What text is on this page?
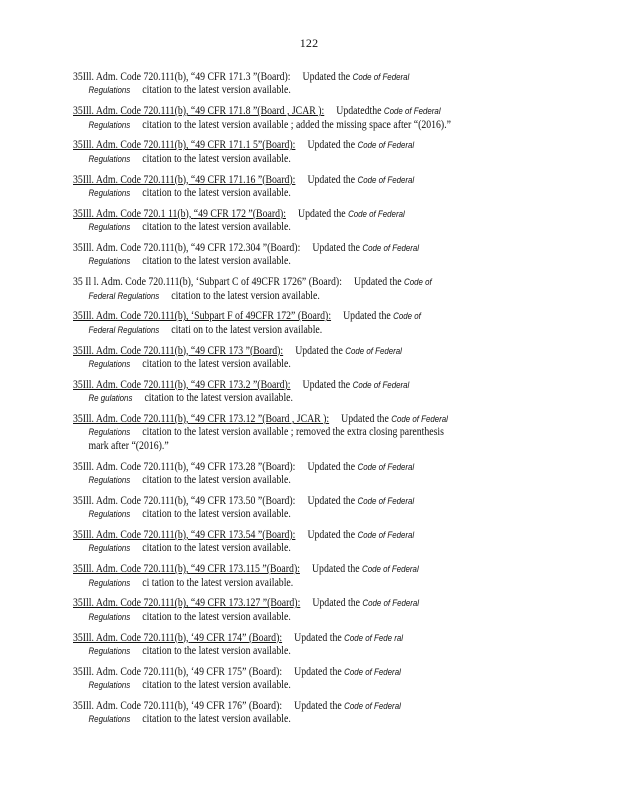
122
35Ill. Adm. Code 720.111(b), “49 CFR 171.3 ”(Board): Updated the Code of Federal
Regulations citation to the latest version available.
35Ill. Adm. Code 720.111(b), “49 CFR 171.8 ”(Board , JCAR ): Updatedthe Code of Federal
Regulations citation to the latest version available ; added the missing space after “(2016).”
35Ill. Adm. Code 720.111(b), “49 CFR 171.1 5”(Board): Updated the Code of Federal
Regulations citation to the latest version available.
35Ill. Adm. Code 720.111(b), “49 CFR 171.16 ”(Board): Updated the Code of Federal
Regulations citation to the latest version available.
35Ill. Adm. Code 720.1 11(b), “49 CFR 172 ”(Board): Updated the Code of Federal
Regulations citation to the latest version available.
35Ill. Adm. Code 720.111(b), “49 CFR 172.304 ”(Board): Updated the Code of Federal
Regulations citation to the latest version available.
35 Il l. Adm. Code 720.111(b), ‘Subpart C of 49CFR 1726” (Board): Updated the Code of
Federal Regulations citation to the latest version available.
35Ill. Adm. Code 720.111(b), ‘Subpart F of 49CFR 172” (Board): Updated the Code of
Federal Regulations citati on to the latest version available.
35Ill. Adm. Code 720.111(b), “49 CFR 173 ”(Board): Updated the Code of Federal
Regulations citation to the latest version available.
35Ill. Adm. Code 720.111(b), “49 CFR 173.2 ”(Board): Updated the Code of Federal
Re gulations citation to the latest version available.
35Ill. Adm. Code 720.111(b), “49 CFR 173.12 ”(Board , JCAR ): Updated the Code of Federal
Regulations citation to the latest version available ; removed the extra closing parenthesis
mark after “(2016).”
35Ill. Adm. Code 720.111(b), “49 CFR 173.28 ”(Board): Updated the Code of Federal
Regulations citation to the latest version available.
35Ill. Adm. Code 720.111(b), “49 CFR 173.50 ”(Board): Updated the Code of Federal
Regulations citation to the latest version available.
35Ill. Adm. Code 720.111(b), “49 CFR 173.54 ”(Board): Updated the Code of Federal
Regulations citation to the latest version available.
35Ill. Adm. Code 720.111(b), “49 CFR 173.115 ”(Board): Updated the Code of Federal
Regulations ci tation to the latest version available.
35Ill. Adm. Code 720.111(b), “49 CFR 173.127 ”(Board): Updated the Code of Federal
Regulations citation to the latest version available.
35Ill. Adm. Code 720.111(b), ‘49 CFR 174” (Board): Updated the Code of Fede ral
Regulations citation to the latest version available.
35Ill. Adm. Code 720.111(b), ‘49 CFR 175” (Board): Updated the Code of Federal
Regulations citation to the latest version available.
35Ill. Adm. Code 720.111(b), ‘49 CFR 176” (Board): Updated the Code of Federal
Regulations citation to the latest version available.
